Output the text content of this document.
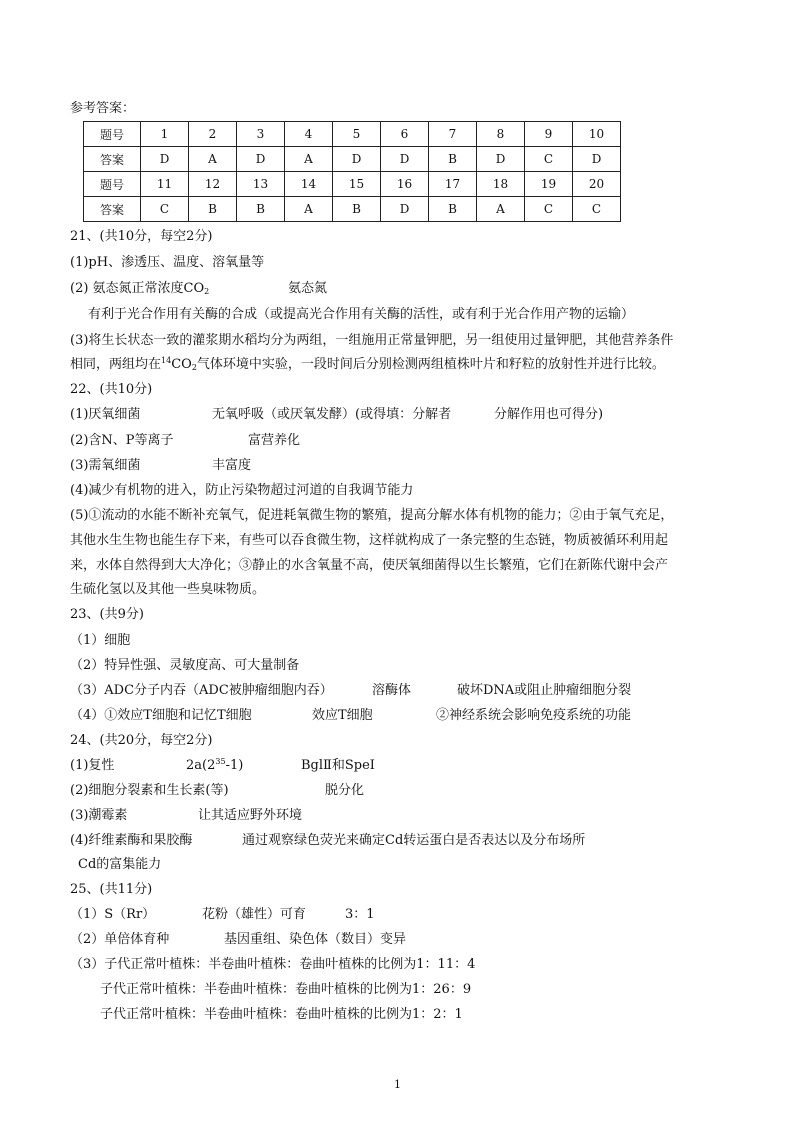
参考答案：
题号	1	2	3	4	5	6	7	8	9	10
答案	D	A	D	A	D	D	B	D	C	D
题号	11	12	13	14	15	16	17	18	19	20
答案	C	B	B	A	B	D	B	A	C	C
21、(共10分，每空2分)
(1)pH、渗透压、温度、溶氧量等
(2) 氨态氮正常浓度$CO_2$	氨态氮
有利于光合作用有关酶的合成（或提高光合作用有关酶的活性，或有利于光合作用产物的运输）
(3)将生长状态一致的灌浆期水稻均分为两组，一组施用正常量钾肥，另一组使用过量钾肥，其他营养条件
相同，两组均在$^{14}CO_2$气体环境中实验，一段时间后分别检测两组植株叶片和籽粒的放射性并进行比较。
22、(共10分)
(1)厌氧细菌	无氧呼吸（或厌氧发酵）(或得填：分解者	分解作用也可得分)
(2)含N、P等离子	富营养化
(3)需氧细菌	丰富度
(4)减少有机物的进入，防止污染物超过河道的自我调节能力
(5)①流动的水能不断补充氧气，促进耗氧微生物的繁殖，提高分解水体有机物的能力；②由于氧气充足，
其他水生生物也能生存下来，有些可以吞食微生物，这样就构成了一条完整的生态链，物质被循环利用起
来，水体自然得到大大净化；③静止的水含氧量不高，使厌氧细菌得以生长繁殖，它们在新陈代谢中会产
生硫化氢以及其他一些臭味物质。
23、(共9分)
（1）细胞
（2）特异性强、灵敏度高、可大量制备
（3）ADC分子内吞（ADC被肿瘤细胞内吞）	溶酶体	破坏DNA或阻止肿瘤细胞分裂
（4）①效应T细胞和记忆T细胞	效应T细胞	②神经系统会影响免疫系统的功能
24、(共20分，每空2分)
(1)复性	$2a(2^{35}-1)$	BglⅡ和SpeⅠ
(2)细胞分裂素和生长素(等)	脱分化
(3)潮霉素	让其适应野外环境
(4)纤维素酶和果胶酶	通过观察绿色荧光来确定Cd转运蛋白是否表达以及分布场所
Cd的富集能力
25、(共11分)
（1）S（Rr）	花粉（雄性）可育	3：1
（2）单倍体育种	基因重组、染色体（数目）变异
（3）子代正常叶植株：半卷曲叶植株：卷曲叶植株的比例为1：11：4
子代正常叶植株：半卷曲叶植株：卷曲叶植株的比例为1：26：9
子代正常叶植株：半卷曲叶植株：卷曲叶植株的比例为1：2：1
1
